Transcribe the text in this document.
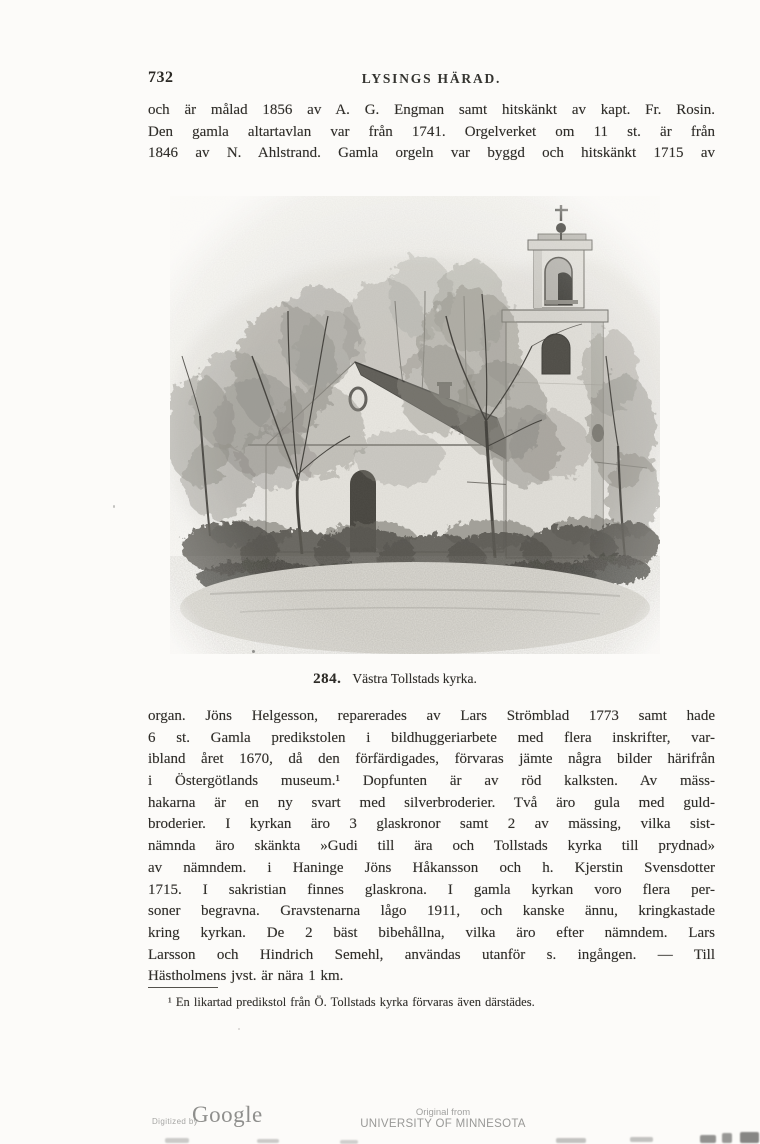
732	LYSINGS HÄRAD.
och är målad 1856 av A. G. Engman samt hitskänkt av kapt. Fr. Rosin.
Den gamla altartavlan var från 1741. Orgelverket om 11 st. är från
1846 av N. Ahlstrand. Gamla orgeln var byggd och hitskänkt 1715 av
284. Västra Tollstads kyrka.
organ. Jöns Helgesson, reparerades av Lars Strömblad 1773 samt hade
6 st. Gamla predikstolen i bildhuggeriarbete med flera inskrifter, var-
ibland året 1670, då den förfärdigades, förvaras jämte några bilder härifrån
i Östergötlands museum.¹ Dopfunten är av röd kalksten. Av mäss-
hakarna är en ny svart med silverbroderier. Två äro gula med guld-
broderier. I kyrkan äro 3 glaskronor samt 2 av mässing, vilka sist-
nämnda äro skänkta »Gudi till ära och Tollstads kyrka till prydnad»
av nämndem. i Haninge Jöns Håkansson och h. Kjerstin Svensdotter
1715. I sakristian finnes glaskrona. I gamla kyrkan voro flera per-
soner begravna. Gravstenarna lågo 1911, och kanske ännu, kringkastade
kring kyrkan. De 2 bäst bibehållna, vilka äro efter nämndem. Lars
Larsson och Hindrich Semehl, användas utanför s. ingången. — Till
Hästholmens jvst. är nära 1 km.
¹ En likartad predikstol från Ö. Tollstads kyrka förvaras även därstädes.
Digitized by
Google	Original from
UNIVERSITY OF MINNESOTA
